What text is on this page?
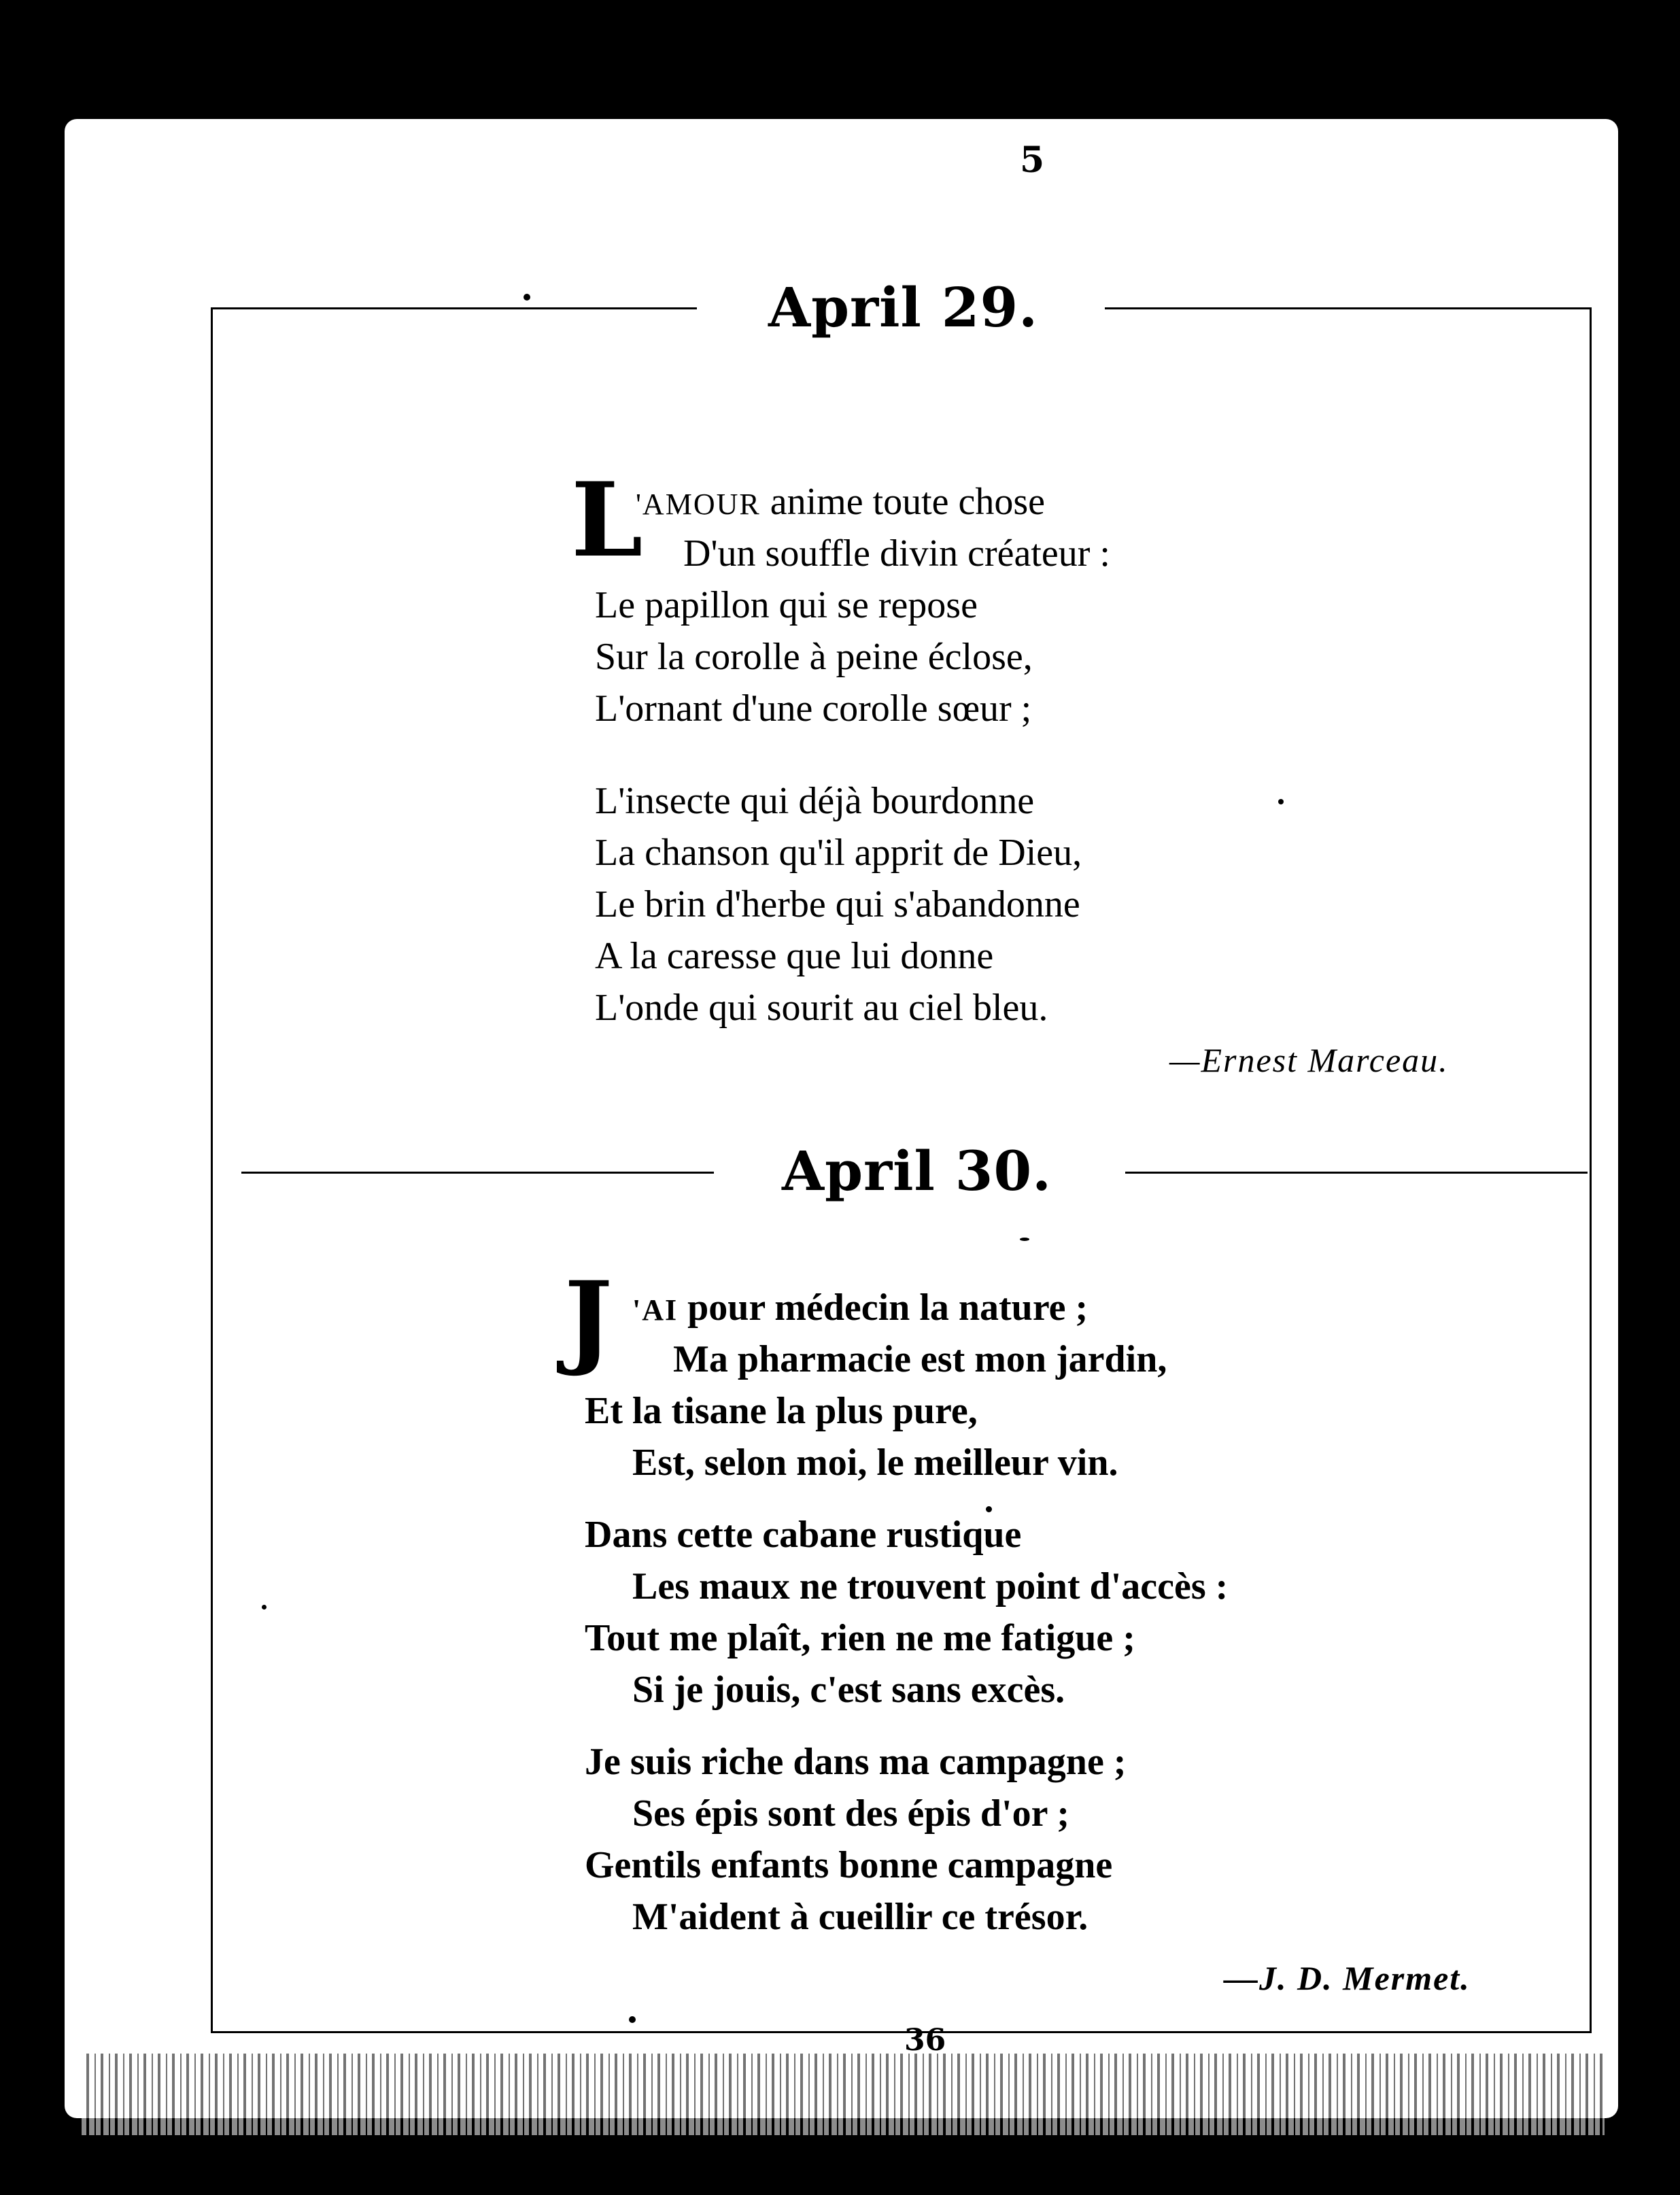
5
April 29.
L
'AMOUR anime toute chose
D'un souffle divin créateur :
Le papillon qui se repose
Sur la corolle à peine éclose,
L'ornant d'une corolle sœur ;
L'insecte qui déjà bourdonne
La chanson qu'il apprit de Dieu,
Le brin d'herbe qui s'abandonne
A la caresse que lui donne
L'onde qui sourit au ciel bleu.
—Ernest Marceau.
April 30.
J 'AI pour médecin la nature ;
Ma pharmacie est mon jardin,
Et la tisane la plus pure,
Est, selon moi, le meilleur vin.
Dans cette cabane rustique
Les maux ne trouvent point d'accès :
Tout me plaît, rien ne me fatigue ;
Si je jouis, c'est sans excès.
Je suis riche dans ma campagne ;
Ses épis sont des épis d'or ;
Gentils enfants bonne campagne
M'aident à cueillir ce trésor.
—J. D. Mermet.
36
